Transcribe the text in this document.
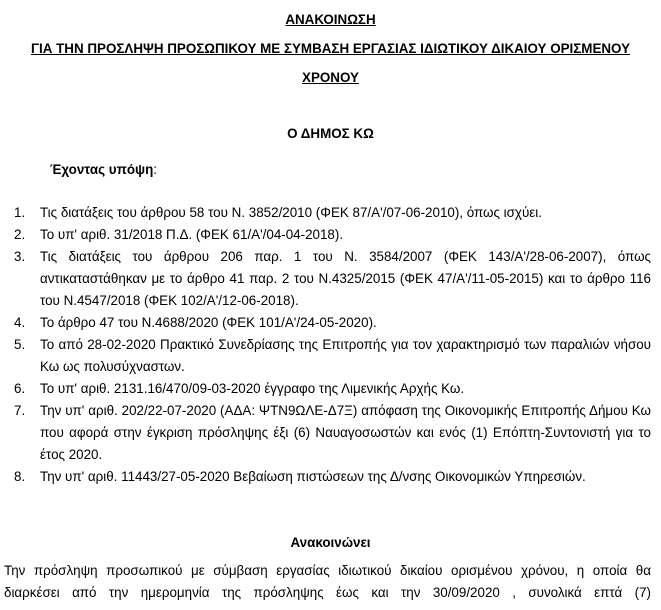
ΑΝΑΚΟΙΝΩΣΗ
ΓΙΑ ΤΗΝ ΠΡΟΣΛΗΨΗ ΠΡΟΣΩΠΙΚΟΥ ΜΕ ΣΥΜΒΑΣΗ ΕΡΓΑΣΙΑΣ ΙΔΙΩΤΙΚΟΥ ΔΙΚΑΙΟΥ ΟΡΙΣΜΕΝΟΥ
ΧΡΟΝΟΥ
Ο ΔΗΜΟΣ ΚΩ
Έχοντας υπόψη:
1. Τις διατάξεις του άρθρου 58 του Ν. 3852/2010 (ΦΕΚ 87/Α'/07-06-2010), όπως ισχύει.
2. Το υπ' αριθ. 31/2018 Π.Δ. (ΦΕΚ 61/Α'/04-04-2018).
3. Τις διατάξεις του άρθρου 206 παρ. 1 του Ν. 3584/2007 (ΦΕΚ 143/Α'/28-06-2007), όπως αντικαταστάθηκαν με το άρθρο 41 παρ. 2 του Ν.4325/2015 (ΦΕΚ 47/Α'/11-05-2015) και το άρθρο 116 του Ν.4547/2018 (ΦΕΚ 102/Α'/12-06-2018).
4. Το άρθρο 47 του Ν.4688/2020 (ΦΕΚ 101/Α'/24-05-2020).
5. Το από 28-02-2020 Πρακτικό Συνεδρίασης της Επιτροπής για τον χαρακτηρισμό των παραλιών νήσου Κω ως πολυσύχναστων.
6. Το υπ' αριθ. 2131.16/470/09-03-2020 έγγραφο της Λιμενικής Αρχής Κω.
7. Την υπ' αριθ. 202/22-07-2020 (ΑΔΑ: ΨΤΝ9ΩΛΕ-Δ7Ξ) απόφαση της Οικονομικής Επιτροπής Δήμου Κω που αφορά στην έγκριση πρόσληψης έξι (6) Ναυαγοσωστών και ενός (1) Επόπτη-Συντονιστή για το έτος 2020.
8. Την υπ' αριθ. 11443/27-05-2020 Βεβαίωση πιστώσεων της Δ/νσης Οικονομικών Υπηρεσιών.
Ανακοινώνει
Την πρόσληψη προσωπικού με σύμβαση εργασίας ιδιωτικού δικαίου ορισμένου χρόνου, η οποία θα διαρκέσει από την ημερομηνία της πρόσληψης έως και την 30/09/2020 , συνολικά επτά (7)
